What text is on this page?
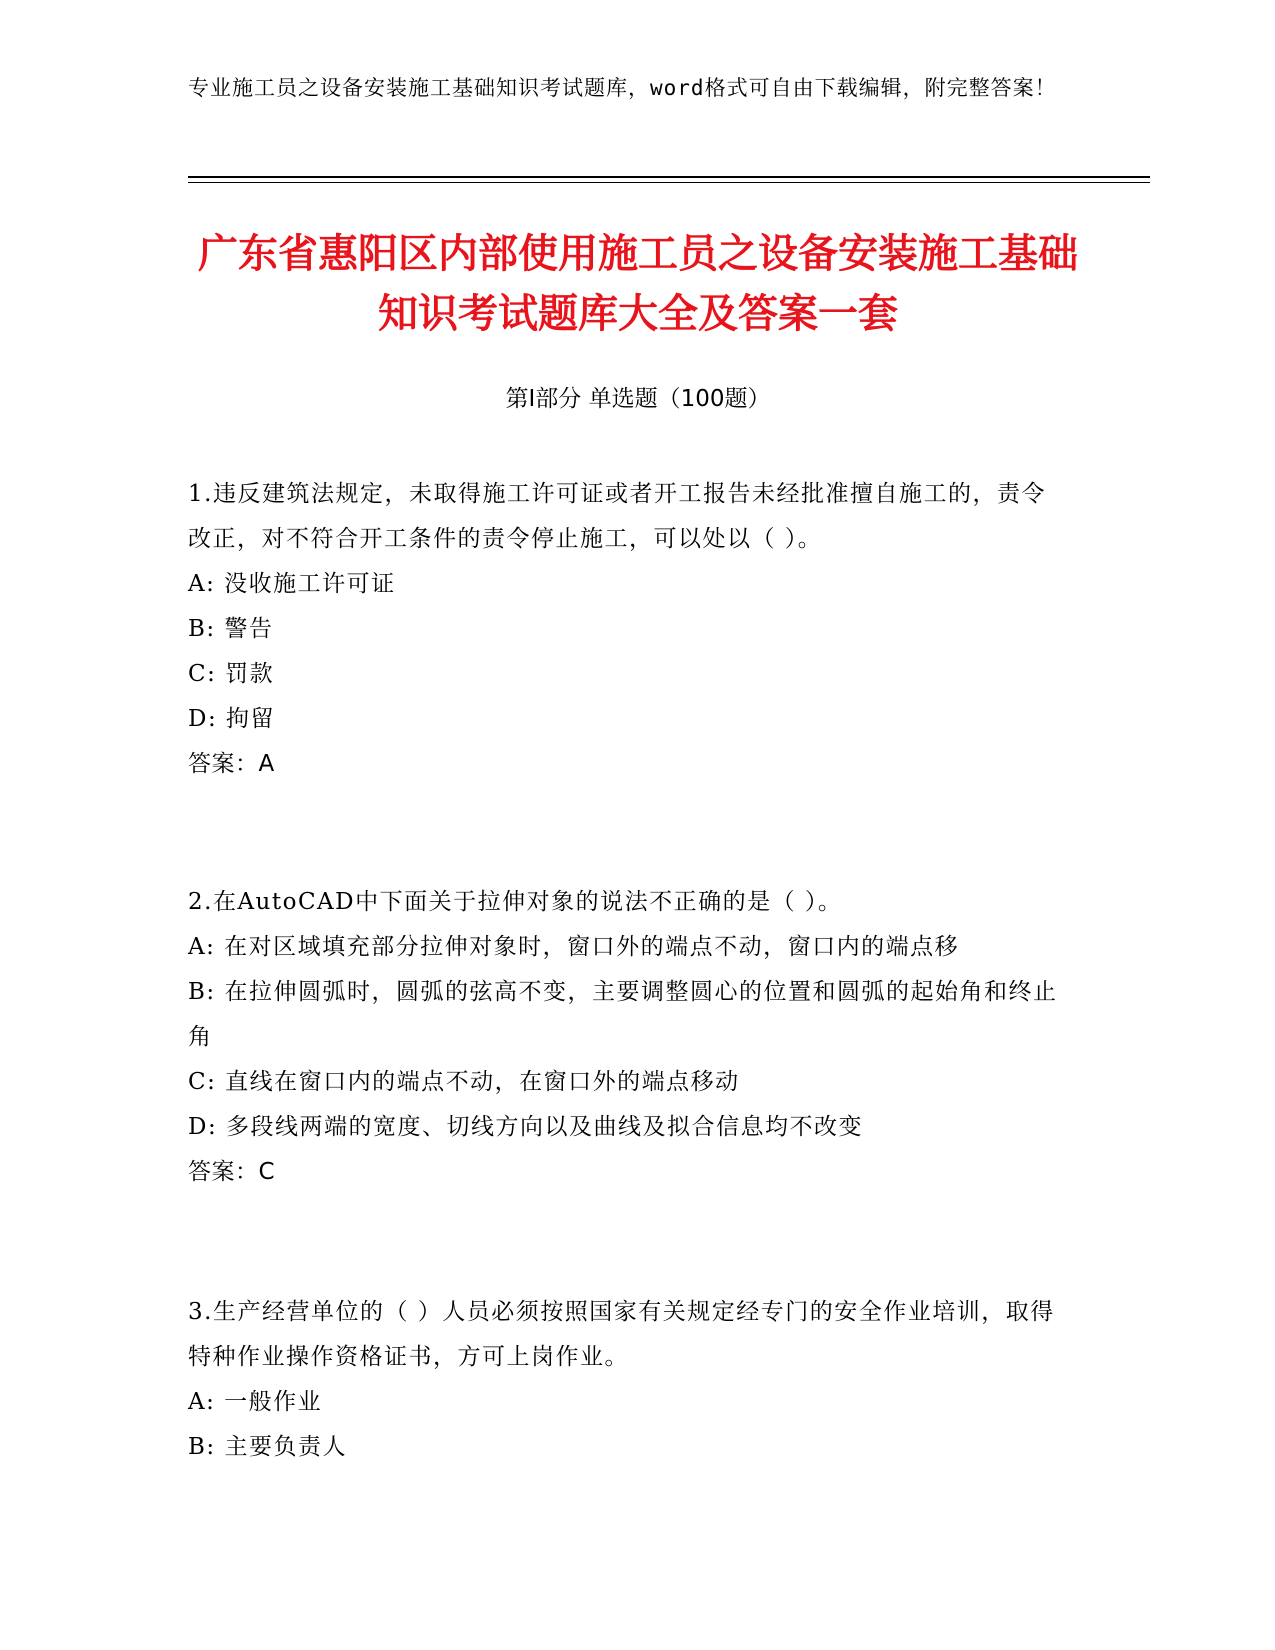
专业施工员之设备安装施工基础知识考试题库，word格式可自由下载编辑，附完整答案！
广东省惠阳区内部使用施工员之设备安装施工基础知识考试题库大全及答案一套
第I部分 单选题（100题）

1.违反建筑法规定，未取得施工许可证或者开工报告未经批准擅自施工的，责令改正，对不符合开工条件的责令停止施工，可以处以（ ）。

A: 没收施工许可证

B: 警告

C: 罚款

D: 拘留

答案：A

2.在AutoCAD中下面关于拉伸对象的说法不正确的是（ ）。

A: 在对区域填充部分拉伸对象时，窗口外的端点不动，窗口内的端点移

B: 在拉伸圆弧时，圆弧的弦高不变，主要调整圆心的位置和圆弧的起始角和终止角

C: 直线在窗口内的端点不动，在窗口外的端点移动

D: 多段线两端的宽度、切线方向以及曲线及拟合信息均不改变

答案：C

3.生产经营单位的（ ）人员必须按照国家有关规定经专门的安全作业培训，取得特种作业操作资格证书，方可上岗作业。

A: 一般作业

B: 主要负责人
